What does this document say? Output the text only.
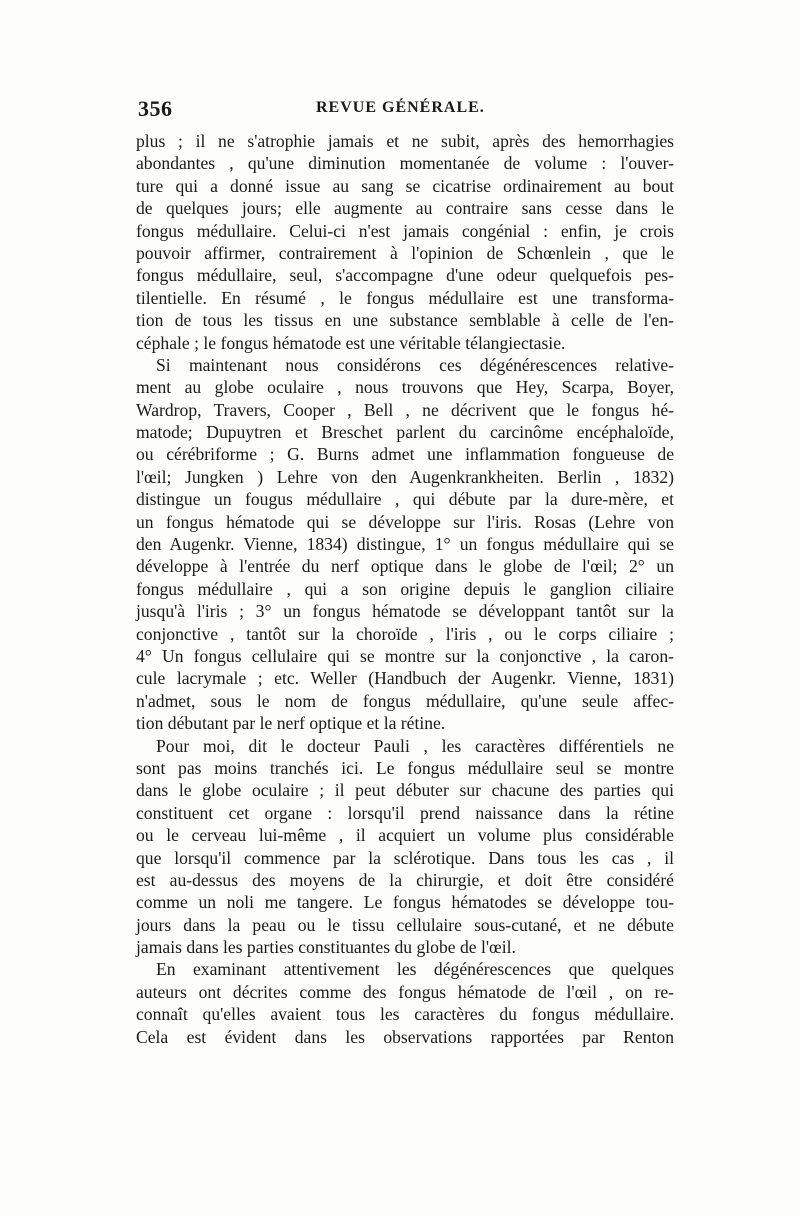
356	REVUE GÉNÉRALE.
plus ; il ne s'atrophie jamais et ne subit, après des hemorrhagies
abondantes , qu'une diminution momentanée de volume : l'ouver-
ture qui a donné issue au sang se cicatrise ordinairement au bout
de quelques jours; elle augmente au contraire sans cesse dans le
fongus médullaire. Celui-ci n'est jamais congénial : enfin, je crois
pouvoir affirmer, contrairement à l'opinion de Schœnlein , que le
fongus médullaire, seul, s'accompagne d'une odeur quelquefois pes-
tilentielle. En résumé , le fongus médullaire est une transforma-
tion de tous les tissus en une substance semblable à celle de l'en-
céphale ; le fongus hématode est une véritable télangiectasie.
Si maintenant nous considérons ces dégénérescences relative-
ment au globe oculaire , nous trouvons que Hey, Scarpa, Boyer,
Wardrop, Travers, Cooper , Bell , ne décrivent que le fongus hé-
matode; Dupuytren et Breschet parlent du carcinôme encéphaloïde,
ou cérébriforme ; G. Burns admet une inflammation fongueuse de
l'œil; Jungken ) Lehre von den Augenkrankheiten. Berlin , 1832)
distingue un fougus médullaire , qui débute par la dure-mère, et
un fongus hématode qui se développe sur l'iris. Rosas (Lehre von
den Augenkr. Vienne, 1834) distingue, 1° un fongus médullaire qui se
développe à l'entrée du nerf optique dans le globe de l'œil; 2° un
fongus médullaire , qui a son origine depuis le ganglion ciliaire
jusqu'à l'iris ; 3° un fongus hématode se développant tantôt sur la
conjonctive , tantôt sur la choroïde , l'iris , ou le corps ciliaire ;
4° Un fongus cellulaire qui se montre sur la conjonctive , la caron-
cule lacrymale ; etc. Weller (Handbuch der Augenkr. Vienne, 1831)
n'admet, sous le nom de fongus médullaire, qu'une seule affec-
tion débutant par le nerf optique et la rétine.
Pour moi, dit le docteur Pauli , les caractères différentiels ne
sont pas moins tranchés ici. Le fongus médullaire seul se montre
dans le globe oculaire ; il peut débuter sur chacune des parties qui
constituent cet organe : lorsqu'il prend naissance dans la rétine
ou le cerveau lui-même , il acquiert un volume plus considérable
que lorsqu'il commence par la sclérotique. Dans tous les cas , il
est au-dessus des moyens de la chirurgie, et doit être considéré
comme un noli me tangere. Le fongus hématodes se développe tou-
jours dans la peau ou le tissu cellulaire sous-cutané, et ne débute
jamais dans les parties constituantes du globe de l'œil.
En examinant attentivement les dégénérescences que quelques
auteurs ont décrites comme des fongus hématode de l'œil , on re-
connaît qu'elles avaient tous les caractères du fongus médullaire.
Cela est évident dans les observations rapportées par Renton
